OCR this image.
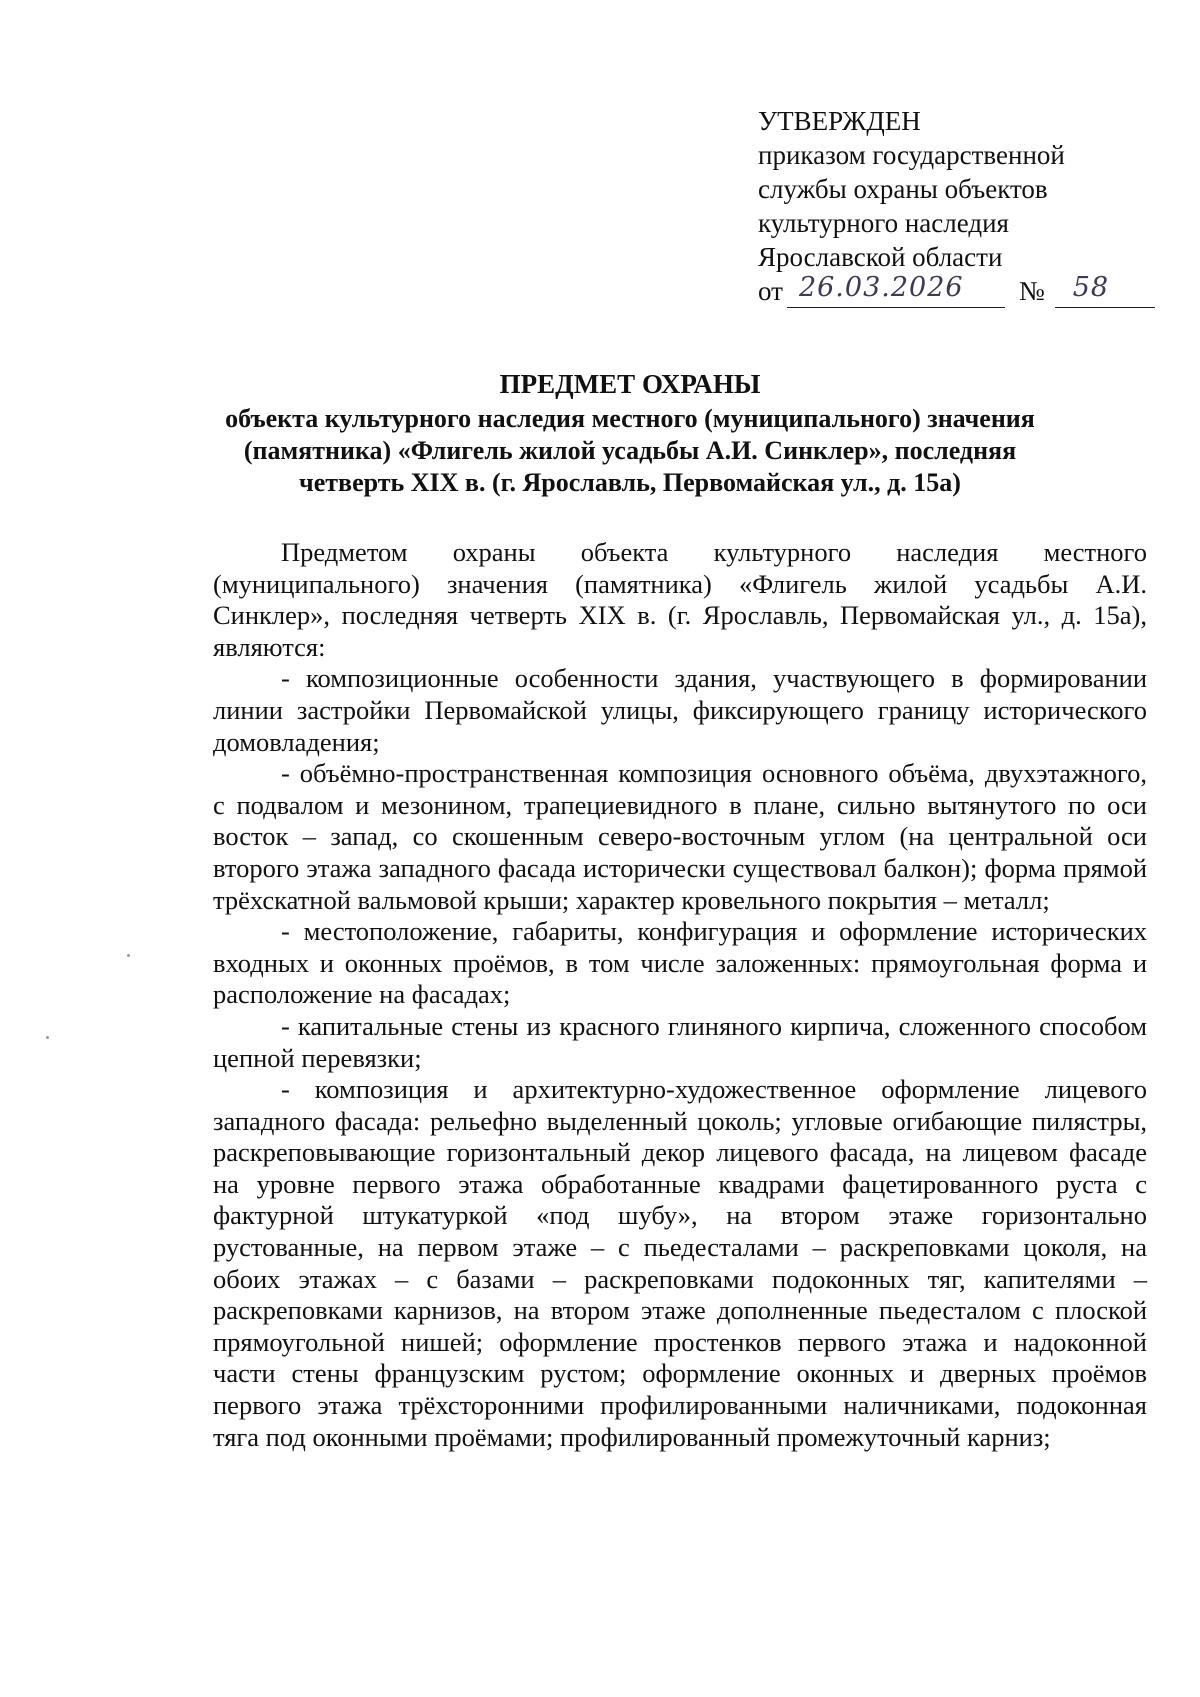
УТВЕРЖДЕН
приказом государственной
службы охраны объектов
культурного наследия
Ярославской области
от 26.03.2026 № 58
ПРЕДМЕТ ОХРАНЫ
объекта культурного наследия местного (муниципального) значения
(памятника) «Флигель жилой усадьбы А.И. Синклер», последняя
четверть XIX в. (г. Ярославль, Первомайская ул., д. 15а)

Предметом охраны объекта культурного наследия местного (муниципального) значения (памятника) «Флигель жилой усадьбы А.И. Синклер», последняя четверть XIX в. (г. Ярославль, Первомайская ул., д. 15а), являются:

- композиционные особенности здания, участвующего в формировании линии застройки Первомайской улицы, фиксирующего границу исторического домовладения;

- объёмно-пространственная композиция основного объёма, двухэтажного, с подвалом и мезонином, трапециевидного в плане, сильно вытянутого по оси восток – запад, со скошенным северо-восточным углом (на центральной оси второго этажа западного фасада исторически существовал балкон); форма прямой трёхскатной вальмовой крыши; характер кровельного покрытия – металл;

- местоположение, габариты, конфигурация и оформление исторических входных и оконных проёмов, в том числе заложенных: прямоугольная форма и расположение на фасадах;

- капитальные стены из красного глиняного кирпича, сложенного способом цепной перевязки;

- композиция и архитектурно-художественное оформление лицевого западного фасада: рельефно выделенный цоколь; угловые огибающие пилястры, раскреповывающие горизонтальный декор лицевого фасада, на лицевом фасаде на уровне первого этажа обработанные квадрами фацетированного руста с фактурной штукатуркой «под шубу», на втором этаже горизонтально рустованные, на первом этаже – с пьедесталами – раскреповками цоколя, на обоих этажах – с базами – раскреповками подоконных тяг, капителями – раскреповками карнизов, на втором этаже дополненные пьедесталом с плоской прямоугольной нишей; оформление простенков первого этажа и надоконной части стены французским рустом; оформление оконных и дверных проёмов первого этажа трёхсторонними профилированными наличниками, подоконная тяга под оконными проёмами; профилированный промежуточный карниз;
